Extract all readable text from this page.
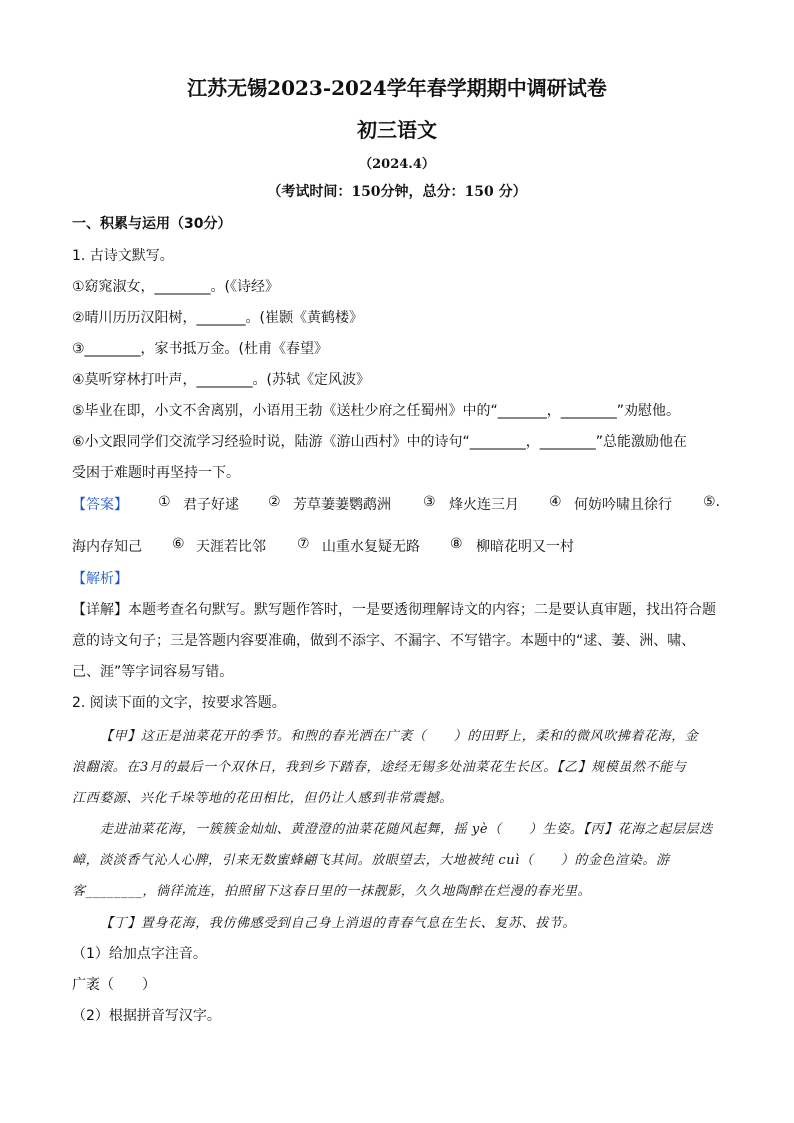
江苏无锡2023-2024学年春学期期中调研试卷
初三语文
（2024.4）
（考试时间：150分钟，总分：150 分）
一、积累与运用（30分）
1. 古诗文默写。
①窈窕淑女，________。(《诗经》
②晴川历历汉阳树，_______。(崔颢《黄鹤楼》
③________，家书抵万金。(杜甫《春望》
④莫听穿林打叶声，________。(苏轼《定风波》
⑤毕业在即，小文不舍离别，小语用王勃《送杜少府之任蜀州》中的“_______，________”劝慰他。
⑥小文跟同学们交流学习经验时说，陆游《游山西村》中的诗句“________，________”总能激励他在
受困于难题时再坚持一下。
【答案】 ① 君子好逑 ② 芳草萋萋鹦鹉洲 ③ 烽火连三月 ④ 何妨吟啸且徐行 ⑤.
海内存知己 ⑥ 天涯若比邻 ⑦ 山重水复疑无路 ⑧ 柳暗花明又一村
【解析】
【详解】本题考查名句默写。默写题作答时，一是要透彻理解诗文的内容；二是要认真审题，找出符合题
意的诗文句子；三是答题内容要准确，做到不添字、不漏字、不写错字。本题中的“逑、萋、洲、啸、
己、涯”等字词容易写错。
2. 阅读下面的文字，按要求答题。
【甲】这正是油菜花开的季节。和煦的春光洒在广袤（　　）的田野上，柔和的微风吹拂着花海，金
浪翻滚。在3月的最后一个双休日，我到乡下踏春，途经无锡多处油菜花生长区。【乙】规模虽然不能与
江西婺源、兴化千垛等地的花田相比，但仍让人感到非常震撼。
走进油菜花海，一簇簇金灿灿、黄澄澄的油菜花随风起舞，摇 yè（　　）生姿。【丙】花海之起层层迭
嶂，淡淡香气沁人心脾，引来无数蜜蜂翩飞其间。放眼望去，大地被纯 cuì（　　）的金色渲染。游
客________，徜徉流连，拍照留下这春日里的一抹靓影，久久地陶醉在烂漫的春光里。
【丁】置身花海，我仿佛感受到自己身上消退的青春气息在生长、复苏、拔节。
（1）给加点字注音。
广袤（　　）
（2）根据拼音写汉字。
